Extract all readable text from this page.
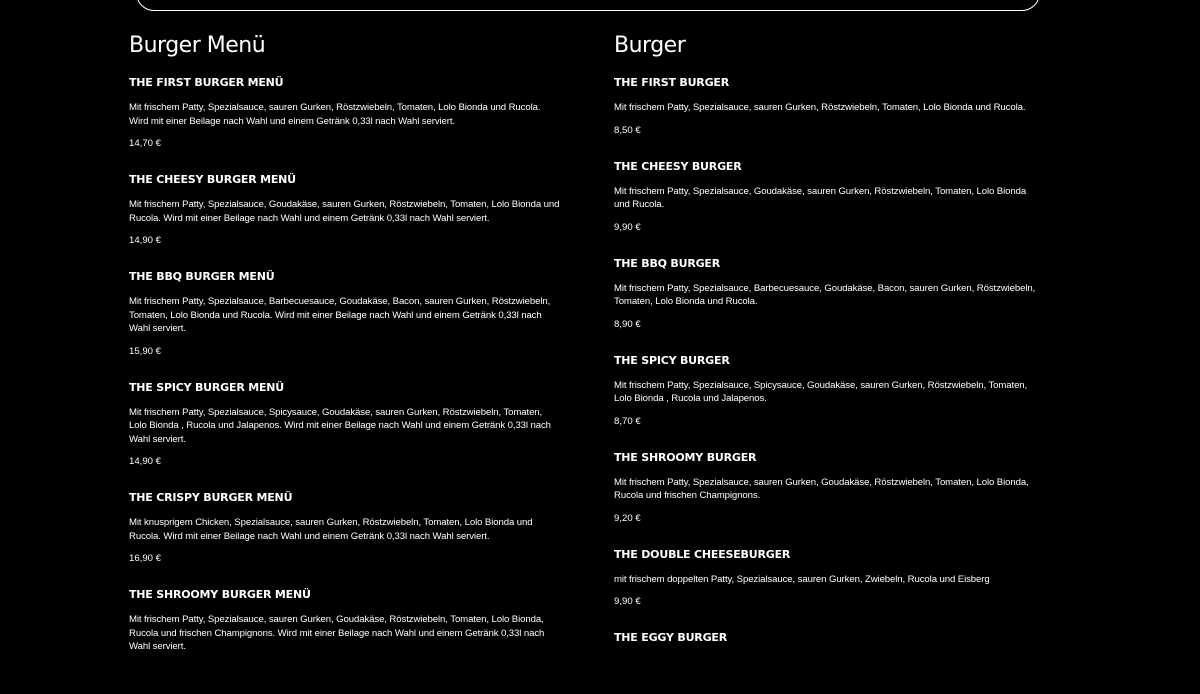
Burger Menü
THE FIRST BURGER MENÜ
Mit frischem Patty, Spezialsauce, sauren Gurken, Röstzwiebeln, Tomaten, Lolo Bionda und Rucola. Wird mit einer Beilage nach Wahl und einem Getränk 0,33l nach Wahl serviert.
14,70 €
THE CHEESY BURGER MENÜ
Mit frischem Patty, Spezialsauce, Goudakäse, sauren Gurken, Röstzwiebeln, Tomaten, Lolo Bionda und Rucola. Wird mit einer Beilage nach Wahl und einem Getränk 0,33l nach Wahl serviert.
14,90 €
THE BBQ BURGER MENÜ
Mit frischem Patty, Spezialsauce, Barbecuesauce, Goudakäse, Bacon, sauren Gurken, Röstzwiebeln, Tomaten, Lolo Bionda und Rucola. Wird mit einer Beilage nach Wahl und einem Getränk 0,33l nach Wahl serviert.
15,90 €
THE SPICY BURGER MENÜ
Mit frischem Patty, Spezialsauce, Spicysauce, Goudakäse, sauren Gurken, Röstzwiebeln, Tomaten, Lolo Bionda , Rucola und Jalapenos. Wird mit einer Beilage nach Wahl und einem Getränk 0,33l nach Wahl serviert.
14,90 €
THE CRISPY BURGER MENÜ
Mit knusprigem Chicken, Spezialsauce, sauren Gurken, Röstzwiebeln, Tomaten, Lolo Bionda und Rucola. Wird mit einer Beilage nach Wahl und einem Getränk 0,33l nach Wahl serviert.
16,90 €
THE SHROOMY BURGER MENÜ
Mit frischem Patty, Spezialsauce, sauren Gurken, Goudakäse, Röstzwiebeln, Tomaten, Lolo Bionda, Rucola und frischen Champignons. Wird mit einer Beilage nach Wahl und einem Getränk 0,33l nach Wahl serviert.
Burger
THE FIRST BURGER
Mit frischem Patty, Spezialsauce, sauren Gurken, Röstzwiebeln, Tomaten, Lolo Bionda und Rucola.
8,50 €
THE CHEESY BURGER
Mit frischem Patty, Spezialsauce, Goudakäse, sauren Gurken, Röstzwiebeln, Tomaten, Lolo Bionda und Rucola.
9,90 €
THE BBQ BURGER
Mit frischem Patty, Spezialsauce, Barbecuesauce, Goudakäse, Bacon, sauren Gurken, Röstzwiebeln, Tomaten, Lolo Bionda und Rucola.
8,90 €
THE SPICY BURGER
Mit frischem Patty, Spezialsauce, Spicysauce, Goudakäse, sauren Gurken, Röstzwiebeln, Tomaten, Lolo Bionda , Rucola und Jalapenos.
8,70 €
THE SHROOMY BURGER
Mit frischem Patty, Spezialsauce, sauren Gurken, Goudakäse, Röstzwiebeln, Tomaten, Lolo Bionda, Rucola und frischen Champignons.
9,20 €
THE DOUBLE CHEESEBURGER
mit frischem doppelten Patty, Spezialsauce, sauren Gurken, Zwiebeln, Rucola und Eisberg
9,90 €
THE EGGY BURGER
